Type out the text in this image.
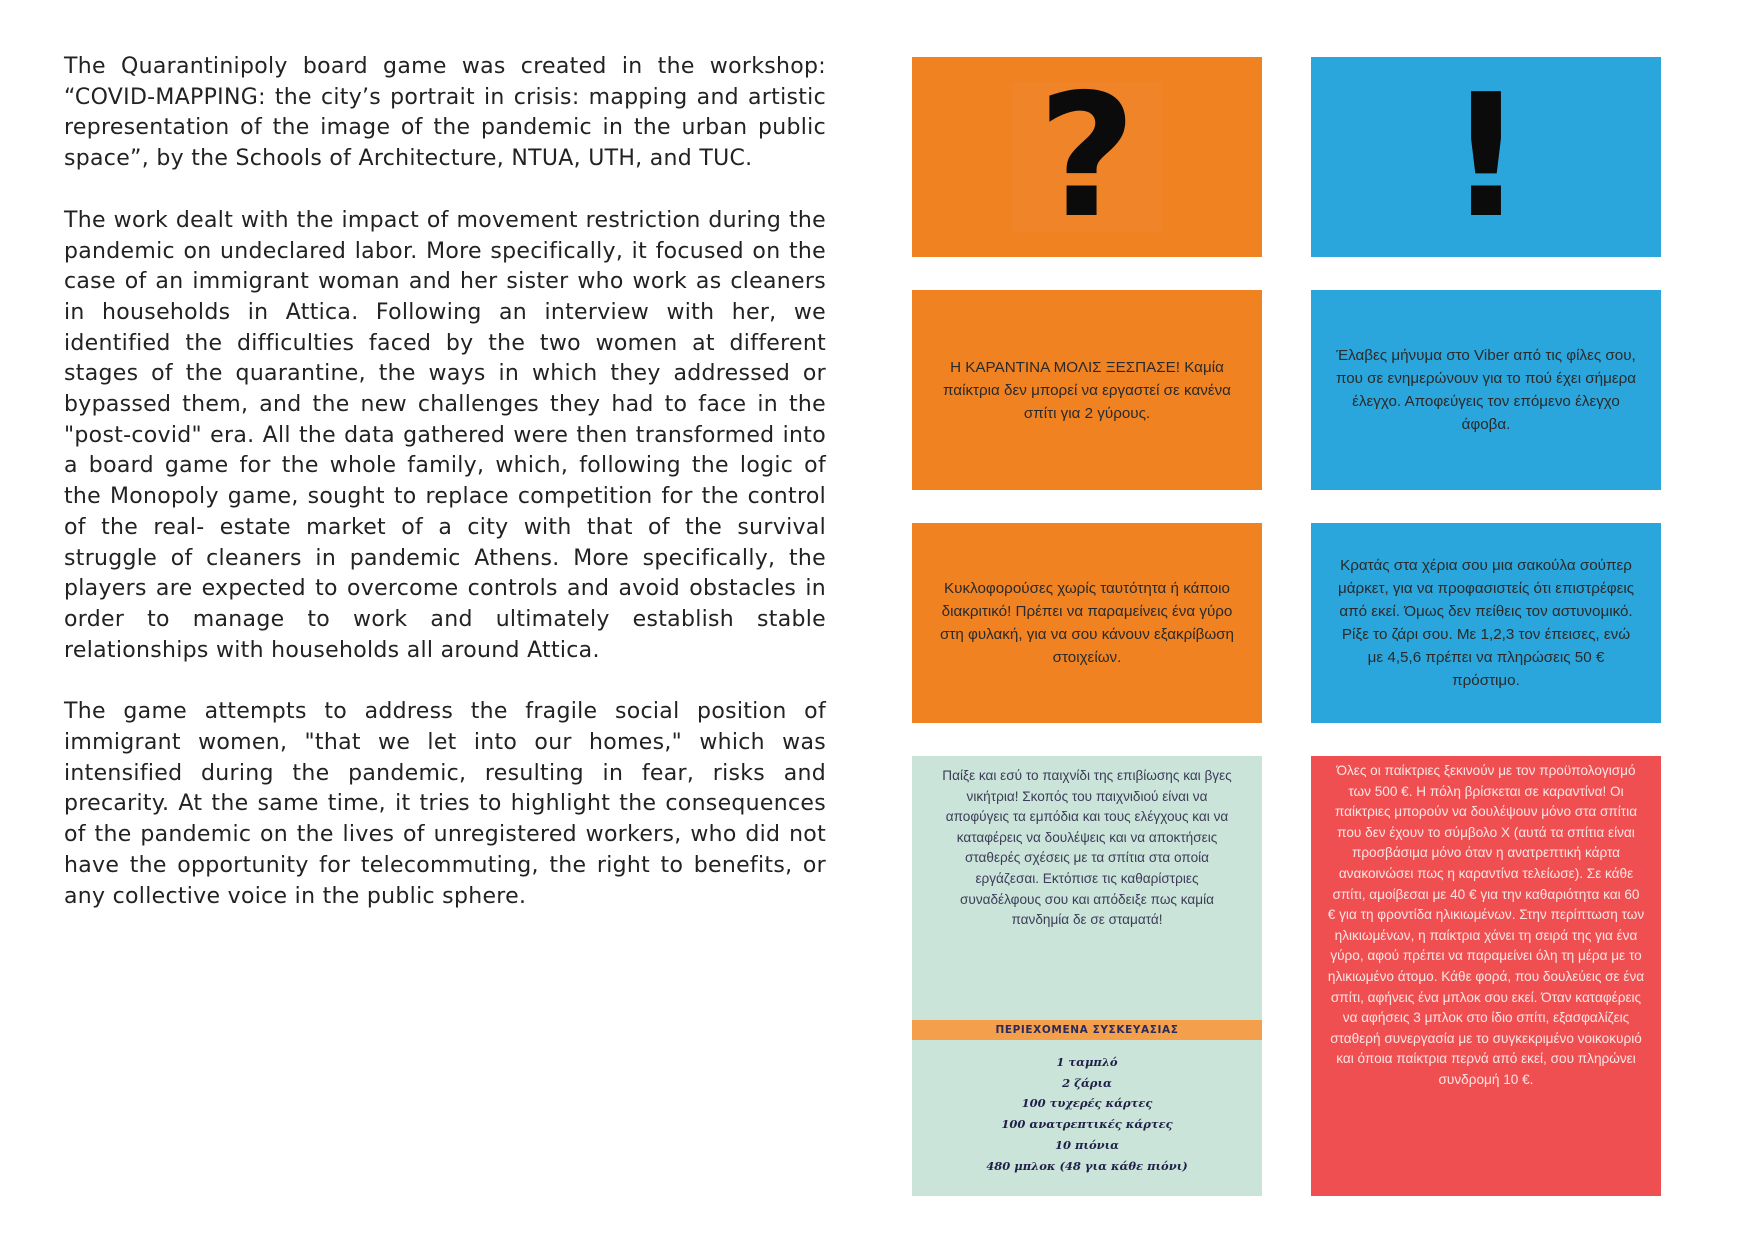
The Quarantinipoly board game was created in the workshop: “COVID-MAPPING: the city’s portrait in crisis: mapping and artistic representation of the image of the pandemic in the urban public space”, by the Schools of Architecture, NTUA, UTH, and TUC.

The work dealt with the impact of movement restriction during the pandemic on undeclared labor. More specifically, it focused on the case of an immigrant woman and her sister who work as cleaners in households in Attica. Following an interview with her, we identified the difficulties faced by the two women at different stages of the quarantine, the ways in which they addressed or bypassed them, and the new challenges they had to face in the "post-covid" era. All the data gathered were then transformed into a board game for the whole family, which, following the logic of the Monopoly game, sought to replace competition for the control of the real- estate market of a city with that of the survival struggle of cleaners in pandemic Athens. More specifically, the players are expected to overcome controls and avoid obstacles in order to manage to work and ultimately establish stable relationships with households all around Attica.

The game attempts to address the fragile social position of immigrant women, "that we let into our homes," which was intensified during the pandemic, resulting in fear, risks and precarity. At the same time, it tries to highlight the consequences of the pandemic on the lives of unregistered workers, who did not have the opportunity for telecommuting, the right to benefits, or any collective voice in the public sphere.

? !
Η ΚΑΡΑΝΤΙΝΑ ΜΟΛΙΣ ΞΕΣΠΑΣΕ! Καμία παίκτρια δεν μπορεί να εργαστεί σε κανένα σπίτι για 2 γύρους.
Έλαβες μήνυμα στο Viber από τις φίλες σου, που σε ενημερώνουν για το πού έχει σήμερα έλεγχο. Αποφεύγεις τον επόμενο έλεγχο άφοβα.
Κυκλοφορούσες χωρίς ταυτότητα ή κάποιο διακριτικό! Πρέπει να παραμείνεις ένα γύρο στη φυλακή, για να σου κάνουν εξακρίβωση στοιχείων.
Κρατάς στα χέρια σου μια σακούλα σούπερ μάρκετ, για να προφασιστείς ότι επιστρέφεις από εκεί. Όμως δεν πείθεις τον αστυνομικό. Ρίξε το ζάρι σου. Με 1,2,3 τον έπεισες, ενώ με 4,5,6 πρέπει να πληρώσεις 50 € πρόστιμο.
Παίξε και εσύ το παιχνίδι της επιβίωσης και βγες νικήτρια! Σκοπός του παιχνιδιού είναι να αποφύγεις τα εμπόδια και τους ελέγχους και να καταφέρεις να δουλέψεις και να αποκτήσεις σταθερές σχέσεις με τα σπίτια στα οποία εργάζεσαι. Εκτόπισε τις καθαρίστριες συναδέλφους σου και απόδειξε πως καμία πανδημία δε σε σταματά!
ΠΕΡΙΕΧΟΜΕΝΑ ΣΥΣΚΕΥΑΣΙΑΣ
1 ταμπλό
2 ζάρια
100 τυχερές κάρτες
100 ανατρεπτικές κάρτες
10 πιόνια
480 μπλοκ (48 για κάθε πιόνι)
Όλες οι παίκτριες ξεκινούν με τον προϋπολογισμό των 500 €. Η πόλη βρίσκεται σε καραντίνα! Οι παίκτριες μπορούν να δουλέψουν μόνο στα σπίτια που δεν έχουν το σύμβολο Χ (αυτά τα σπίτια είναι προσβάσιμα μόνο όταν η ανατρεπτική κάρτα ανακοινώσει πως η καραντίνα τελείωσε). Σε κάθε σπίτι, αμοίβεσαι με 40 € για την καθαριότητα και 60 € για τη φροντίδα ηλικιωμένων. Στην περίπτωση των ηλικιωμένων, η παίκτρια χάνει τη σειρά της για ένα γύρο, αφού πρέπει να παραμείνει όλη τη μέρα με το ηλικιωμένο άτομο. Κάθε φορά, που δουλεύεις σε ένα σπίτι, αφήνεις ένα μπλοκ σου εκεί. Όταν καταφέρεις να αφήσεις 3 μπλοκ στο ίδιο σπίτι, εξασφαλίζεις σταθερή συνεργασία με το συγκεκριμένο νοικοκυριό και όποια παίκτρια περνά από εκεί, σου πληρώνει συνδρομή 10 €.
